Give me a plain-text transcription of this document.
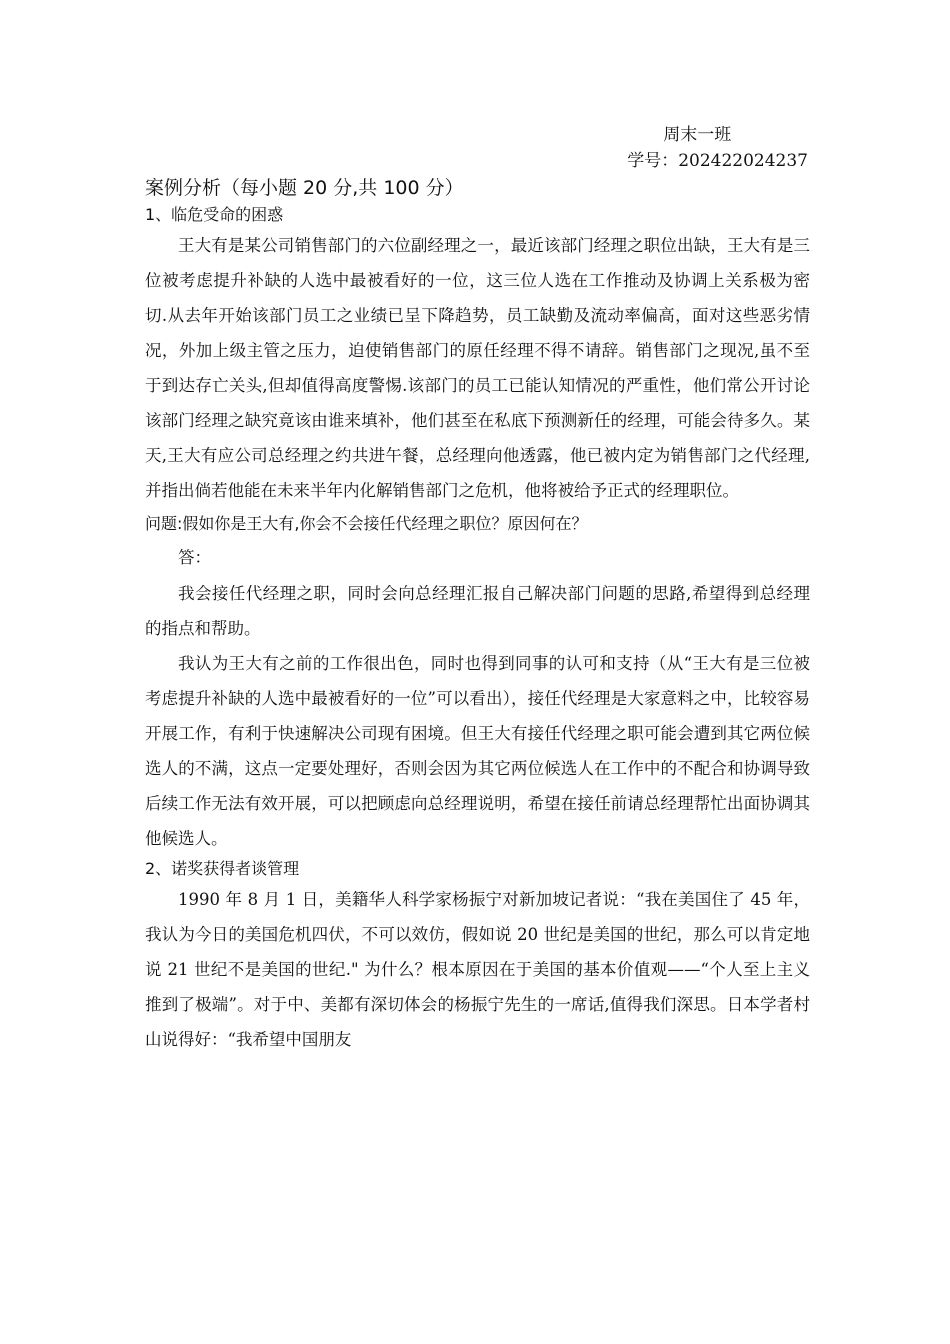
周末一班
学号：202422024237
案例分析（每小题 20 分,共 100 分）
1、临危受命的困惑

王大有是某公司销售部门的六位副经理之一，最近该部门经理之职位出缺，王大有是三位被考虑提升补缺的人选中最被看好的一位，这三位人选在工作推动及协调上关系极为密切.从去年开始该部门员工之业绩已呈下降趋势，员工缺勤及流动率偏高，面对这些恶劣情况，外加上级主管之压力，迫使销售部门的原任经理不得不请辞。销售部门之现况,虽不至于到达存亡关头,但却值得高度警惕.该部门的员工已能认知情况的严重性，他们常公开讨论该部门经理之缺究竟该由谁来填补，他们甚至在私底下预测新任的经理，可能会待多久。某天,王大有应公司总经理之约共进午餐，总经理向他透露，他已被内定为销售部门之代经理,并指出倘若他能在未来半年内化解销售部门之危机，他将被给予正式的经理职位。

问题:假如你是王大有,你会不会接任代经理之职位？原因何在？

答：

我会接任代经理之职，同时会向总经理汇报自己解决部门问题的思路,希望得到总经理的指点和帮助。

我认为王大有之前的工作很出色，同时也得到同事的认可和支持（从“王大有是三位被考虑提升补缺的人选中最被看好的一位”可以看出），接任代经理是大家意料之中，比较容易开展工作，有利于快速解决公司现有困境。但王大有接任代经理之职可能会遭到其它两位候选人的不满，这点一定要处理好，否则会因为其它两位候选人在工作中的不配合和协调导致后续工作无法有效开展，可以把顾虑向总经理说明，希望在接任前请总经理帮忙出面协调其他候选人。

2、诺奖获得者谈管理

1990 年 8 月 1 日，美籍华人科学家杨振宁对新加坡记者说：“我在美国住了 45 年，我认为今日的美国危机四伏，不可以效仿，假如说 20 世纪是美国的世纪，那么可以肯定地说 21 世纪不是美国的世纪." 为什么？根本原因在于美国的基本价值观——“个人至上主义推到了极端”。对于中、美都有深切体会的杨振宁先生的一席话,值得我们深思。日本学者村山说得好：“我希望中国朋友
